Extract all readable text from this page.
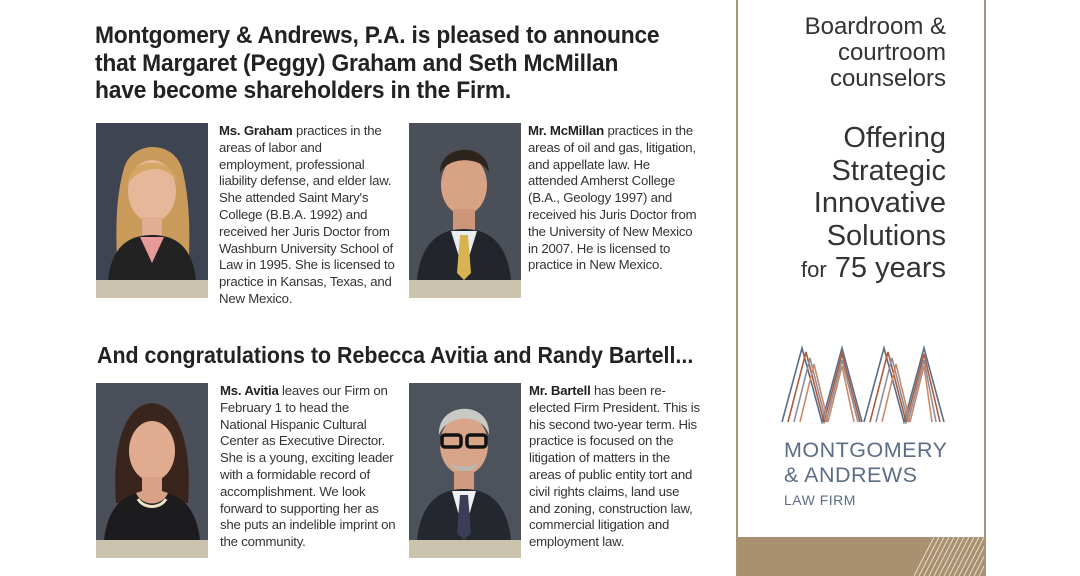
Montgomery & Andrews, P.A. is pleased to announce that Margaret (Peggy) Graham and Seth McMillan have become shareholders in the Firm.

Ms. Graham practices in the areas of labor and employment, professional liability defense, and elder law. She attended Saint Mary's College (B.B.A. 1992) and received her Juris Doctor from Washburn University School of Law in 1995. She is licensed to practice in Kansas, Texas, and New Mexico.

Mr. McMillan practices in the areas of oil and gas, litigation, and appellate law. He attended Amherst College (B.A., Geology 1997) and received his Juris Doctor from the University of New Mexico in 2007. He is licensed to practice in New Mexico.

And congratulations to Rebecca Avitia and Randy Bartell...

Ms. Avitia leaves our Firm on February 1 to head the National Hispanic Cultural Center as Executive Director. She is a young, exciting leader with a formidable record of accomplishment. We look forward to supporting her as she puts an indelible imprint on the community.

Mr. Bartell has been re-elected Firm President. This is his second two-year term. His practice is focused on the litigation of matters in the areas of public entity tort and civil rights claims, land use and zoning, construction law, commercial litigation and employment law.

Boardroom &
courtroom
counselors

Offering
Strategic
Innovative
Solutions
for 75 years

MONTGOMERY
& ANDREWS
LAW FIRM
